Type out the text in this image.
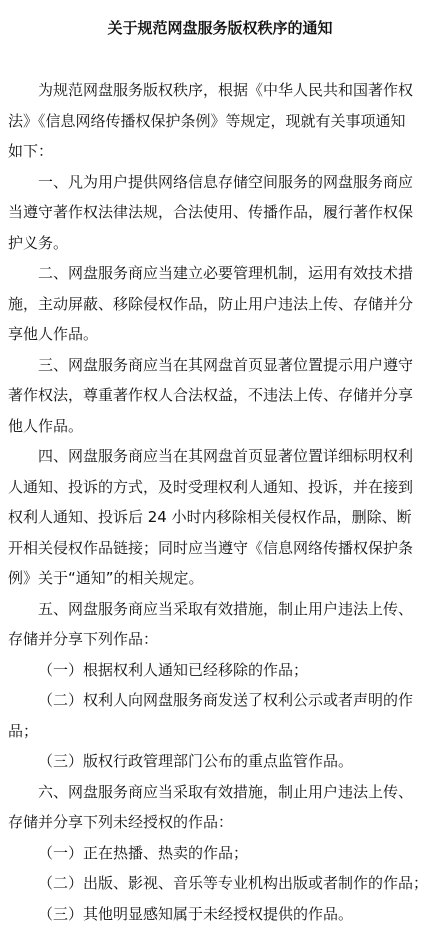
关于规范网盘服务版权秩序的通知
为规范网盘服务版权秩序，根据《中华人民共和国著作权
法》《信息网络传播权保护条例》等规定，现就有关事项通知
如下：
一、凡为用户提供网络信息存储空间服务的网盘服务商应
当遵守著作权法律法规，合法使用、传播作品，履行著作权保
护义务。
二、网盘服务商应当建立必要管理机制，运用有效技术措
施，主动屏蔽、移除侵权作品，防止用户违法上传、存储并分
享他人作品。
三、网盘服务商应当在其网盘首页显著位置提示用户遵守
著作权法，尊重著作权人合法权益，不违法上传、存储并分享
他人作品。
四、网盘服务商应当在其网盘首页显著位置详细标明权利
人通知、投诉的方式，及时受理权利人通知、投诉，并在接到
权利人通知、投诉后 24 小时内移除相关侵权作品，删除、断
开相关侵权作品链接；同时应当遵守《信息网络传播权保护条
例》关于“通知”的相关规定。
五、网盘服务商应当采取有效措施，制止用户违法上传、
存储并分享下列作品：
（一）根据权利人通知已经移除的作品；
（二）权利人向网盘服务商发送了权利公示或者声明的作
品；
（三）版权行政管理部门公布的重点监管作品。
六、网盘服务商应当采取有效措施，制止用户违法上传、
存储并分享下列未经授权的作品：
（一）正在热播、热卖的作品；
（二）出版、影视、音乐等专业机构出版或者制作的作品；
（三）其他明显感知属于未经授权提供的作品。
